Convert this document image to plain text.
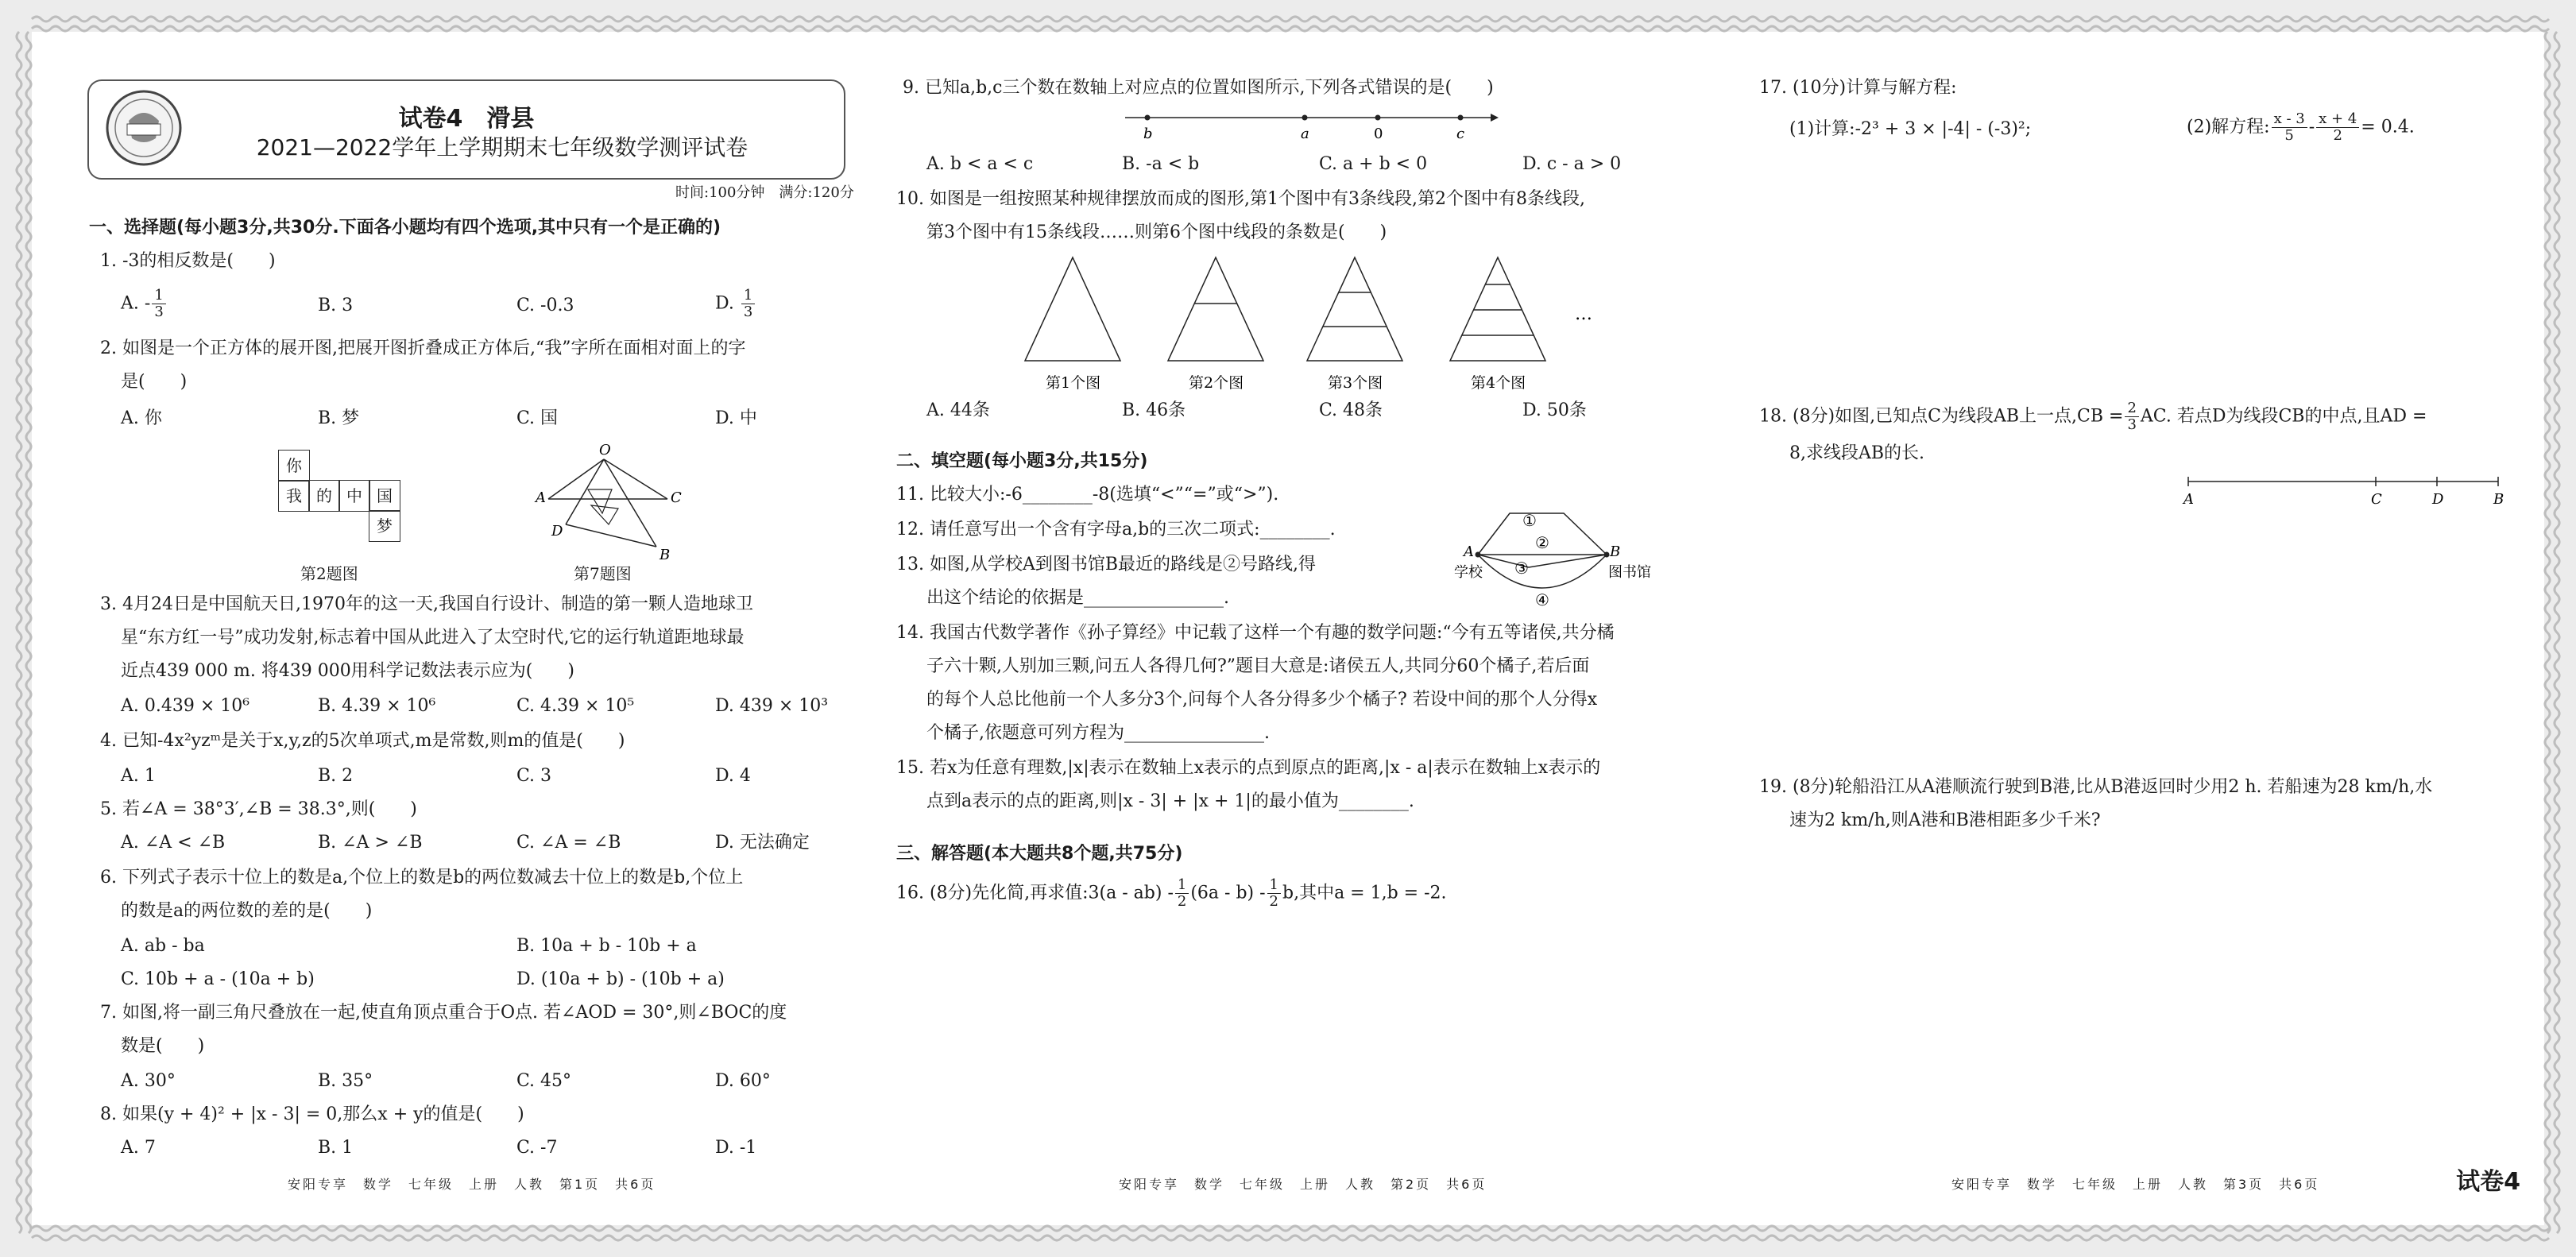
试卷4　滑县
2021—2022学年上学期期末七年级数学测评试卷
时间:100分钟　满分:120分
一、选择题(每小题3分,共30分.下面各小题均有四个选项,其中只有一个是正确的)
1. -3的相反数是(　　)
A. - $\frac{1}{3}$	B. 3	C. -0.3	D. $\frac{1}{3}$
2. 如图是一个正方体的展开图,把展开图折叠成正方体后,“我”字所在面相对面上的字
是(　　)
A. 你	B. 梦	C. 国	D. 中
你
我 的 中 国
梦
第2题图
O
A	C
D
B
第7题图
3. 4月24日是中国航天日,1970年的这一天,我国自行设计、制造的第一颗人造地球卫
星“东方红一号”成功发射,标志着中国从此进入了太空时代,它的运行轨道距地球最
近点439 000 m. 将439 000用科学记数法表示应为(　　)
A. 0.439 × 10⁶	B. 4.39 × 10⁶	C. 4.39 × 10⁵	D. 439 × 10³
4. 已知-4x²yzᵐ是关于x,y,z的5次单项式,m是常数,则m的值是(　　)
A. 1	B. 2	C. 3	D. 4
5. 若∠A = 38°3′,∠B = 38.3°,则(　　)
A. ∠A < ∠B	B. ∠A > ∠B	C. ∠A = ∠B	D. 无法确定
6. 下列式子表示十位上的数是a,个位上的数是b的两位数减去十位上的数是b,个位上
的数是a的两位数的差的是(　　)
A. ab - ba	B. 10a + b - 10b + a
C. 10b + a - (10a + b)	D. (10a + b) - (10b + a)
7. 如图,将一副三角尺叠放在一起,使直角顶点重合于O点. 若∠AOD = 30°,则∠BOC的度
数是(　　)
A. 30°	B. 35°	C. 45°	D. 60°
8. 如果(y + 4)² + |x - 3| = 0,那么x + y的值是(　　)
A. 7	B. 1	C. -7	D. -1
安阳专享　数学　七年级　上册　人教　第1页　共6页
9. 已知a,b,c三个数在数轴上对应点的位置如图所示,下列各式错误的是(　　)
b	a	0	c
A. b < a < c	B. -a < b	C. a + b < 0	D. c - a > 0
10. 如图是一组按照某种规律摆放而成的图形,第1个图中有3条线段,第2个图中有8条线段,
第3个图中有15条线段……则第6个图中线段的条数是(　　)
第1个图	第2个图	第3个图	第4个图
…
A. 44条	B. 46条	C. 48条	D. 50条
二、填空题(每小题3分,共15分)
11. 比较大小:-6________-8(选填“<”“=”或“>”).
12. 请任意写出一个含有字母a,b的三次二项式:________.
13. 如图,从学校A到图书馆B最近的路线是②号路线,得
出这个结论的依据是________________.
A	B
学校	图书馆
①
②
③
④
14. 我国古代数学著作《孙子算经》中记载了这样一个有趣的数学问题:“今有五等诸侯,共分橘
子六十颗,人别加三颗,问五人各得几何?”题目大意是:诸侯五人,共同分60个橘子,若后面
的每个人总比他前一个人多分3个,问每个人各分得多少个橘子? 若设中间的那个人分得x
个橘子,依题意可列方程为________________.
15. 若x为任意有理数,|x|表示在数轴上x表示的点到原点的距离,|x - a|表示在数轴上x表示的
点到a表示的点的距离,则|x - 3| + |x + 1|的最小值为________.
三、解答题(本大题共8个题,共75分)
16. (8分)先化简,再求值:3(a - $ab) - \frac{1}{2} (6a - b) - \frac{1}{2} b$,其中a = 1,b = -2.
安阳专享　数学　七年级　上册　人教　第2页　共6页
17. (10分)计算与解方程:
(1)计算:-2³ + 3 × |-4| - (-3)²;	(2)解方程: $\frac{x - 3}{5} - \frac{x + 4}{2} = 0.4$.
18. (8分)如图,已知点C为线段AB上一点$,CB = \frac{2}{3}$ AC. 若点D为线段CB的中点,且AD =
8,求线段AB的长.
A	C	D	B
19. (8分)轮船沿江从A港顺流行驶到B港,比从B港返回时少用2 h. 若船速为28 km/h,水
速为2 km/h,则A港和B港相距多少千米?
安阳专享　数学　七年级　上册　人教　第3页　共6页	试卷4
